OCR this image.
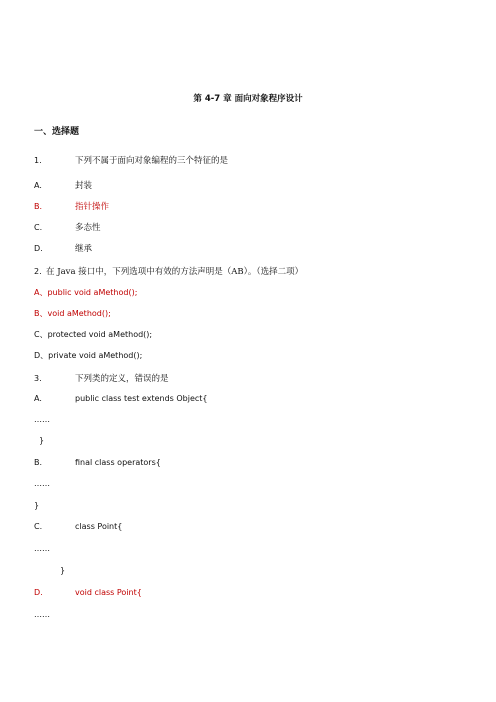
第 4-7 章 面向对象程序设计
一、选择题
1.	下列不属于面向对象编程的三个特征的是
A.	封装
B.	指针操作
C.	多态性
D.	继承
2. 在 Java 接口中，下列选项中有效的方法声明是（AB）。（选择二项）
A、public void aMethod();
B、void aMethod();
C、protected void aMethod();
D、private void aMethod();
3.	下列类的定义，错误的是
A.	public class test extends Object{
……
}
B.	final class operators{
……
}
C.	class Point{
……
}
D.	void class Point{
……
